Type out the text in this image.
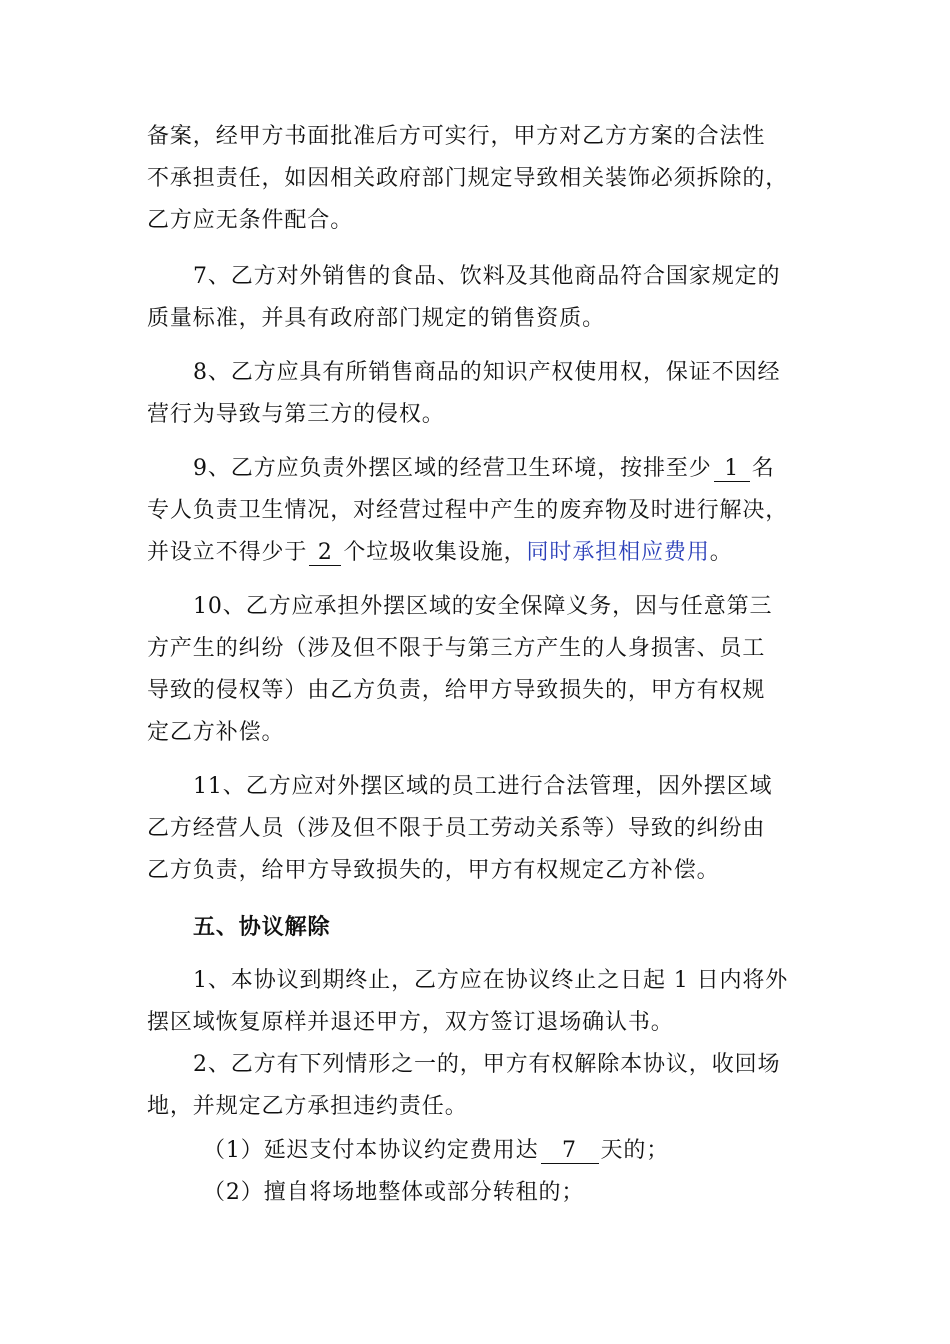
备案，经甲方书面批准后方可实行，甲方对乙方方案的合法性
不承担责任，如因相关政府部门规定导致相关装饰必须拆除的，
乙方应无条件配合。
7、乙方对外销售的食品、饮料及其他商品符合国家规定的
质量标准，并具有政府部门规定的销售资质。
8、乙方应具有所销售商品的知识产权使用权，保证不因经
营行为导致与第三方的侵权。
9、乙方应负责外摆区域的经营卫生环境，按排至少 1 名
专人负责卫生情况，对经营过程中产生的废弃物及时进行解决，
并设立不得少于 2 个垃圾收集设施，同时承担相应费用。
10、乙方应承担外摆区域的安全保障义务，因与任意第三
方产生的纠纷（涉及但不限于与第三方产生的人身损害、员工
导致的侵权等）由乙方负责，给甲方导致损失的，甲方有权规
定乙方补偿。
11、乙方应对外摆区域的员工进行合法管理，因外摆区域
乙方经营人员（涉及但不限于员工劳动关系等）导致的纠纷由
乙方负责，给甲方导致损失的，甲方有权规定乙方补偿。
五、协议解除
1、本协议到期终止，乙方应在协议终止之日起 1 日内将外
摆区域恢复原样并退还甲方，双方签订退场确认书。
2、乙方有下列情形之一的，甲方有权解除本协议，收回场
地，并规定乙方承担违约责任。
（1）延迟支付本协议约定费用达 7 天的；
（2）擅自将场地整体或部分转租的；
